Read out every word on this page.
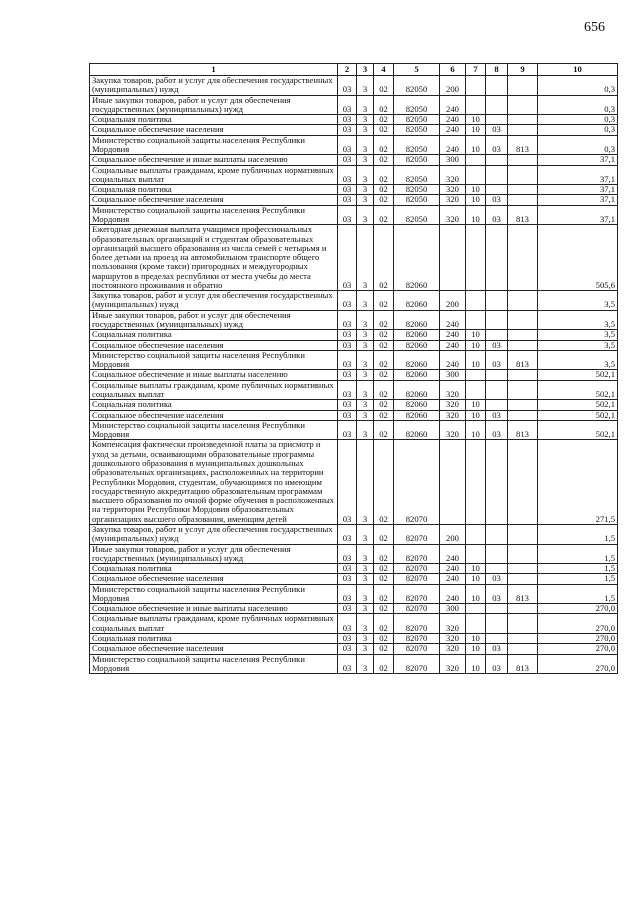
656
1	2	3	4	5	6	7	8	9	10
Закупка товаров, работ и услуг для обеспечения государственных (муниципальных) нужд	03	3	02	82050	200				0,3
Иные закупки товаров, работ и услуг для обеспечения государственных (муниципальных) нужд	03	3	02	82050	240				0,3
Социальная политика	03	3	02	82050	240	10			0,3
Социальное обеспечение населения	03	3	02	82050	240	10	03		0,3
Министерство социальной защиты населения Республики Мордовия	03	3	02	82050	240	10	03	813	0,3
Социальное обеспечение и иные выплаты населению	03	3	02	82050	300				37,1
Социальные выплаты гражданам, кроме публичных нормативных социальных выплат	03	3	02	82050	320				37,1
Социальная политика	03	3	02	82050	320	10			37,1
Социальное обеспечение населения	03	3	02	82050	320	10	03		37,1
Министерство социальной защиты населения Республики Мордовия	03	3	02	82050	320	10	03	813	37,1
Ежегодная денежная выплата учащимся профессиональных образовательных организаций и студентам образовательных организаций высшего образования из числа семей с четырьмя и более детьми на проезд на автомобильном транспорте общего пользования (кроме такси) пригородных и междугородных маршрутов в пределах республики от места учебы до места постоянного проживания и обратно	03	3	02	82060					505,6
Закупка товаров, работ и услуг для обеспечения государственных (муниципальных) нужд	03	3	02	82060	200				3,5
Иные закупки товаров, работ и услуг для обеспечения государственных (муниципальных) нужд	03	3	02	82060	240				3,5
Социальная политика	03	3	02	82060	240	10			3,5
Социальное обеспечение населения	03	3	02	82060	240	10	03		3,5
Министерство социальной защиты населения Республики Мордовия	03	3	02	82060	240	10	03	813	3,5
Социальное обеспечение и иные выплаты населению	03	3	02	82060	300				502,1
Социальные выплаты гражданам, кроме публичных нормативных социальных выплат	03	3	02	82060	320				502,1
Социальная политика	03	3	02	82060	320	10			502,1
Социальное обеспечение населения	03	3	02	82060	320	10	03		502,1
Министерство социальной защиты населения Республики Мордовия	03	3	02	82060	320	10	03	813	502,1
Компенсация фактически произведенной платы за присмотр и уход за детьми, осваивающими образовательные программы дошкольного образования в муниципальных дошкольных образовательных организациях, расположенных на территории Республики Мордовия, студентам, обучающимся по имеющим государственную аккредитацию образовательным программам высшего образования по очной форме обучения в расположенных на территории Республики Мордовия образовательных организациях высшего образования, имеющим детей	03	3	02	82070					271,5
Закупка товаров, работ и услуг для обеспечения государственных (муниципальных) нужд	03	3	02	82070	200				1,5
Иные закупки товаров, работ и услуг для обеспечения государственных (муниципальных) нужд	03	3	02	82070	240				1,5
Социальная политика	03	3	02	82070	240	10			1,5
Социальное обеспечение населения	03	3	02	82070	240	10	03		1,5
Министерство социальной защиты населения Республики Мордовия	03	3	02	82070	240	10	03	813	1,5
Социальное обеспечение и иные выплаты населению	03	3	02	82070	300				270,0
Социальные выплаты гражданам, кроме публичных нормативных социальных выплат	03	3	02	82070	320				270,0
Социальная политика	03	3	02	82070	320	10			270,0
Социальное обеспечение населения	03	3	02	82070	320	10	03		270,0
Министерство социальной защиты населения Республики Мордовия	03	3	02	82070	320	10	03	813	270,0
